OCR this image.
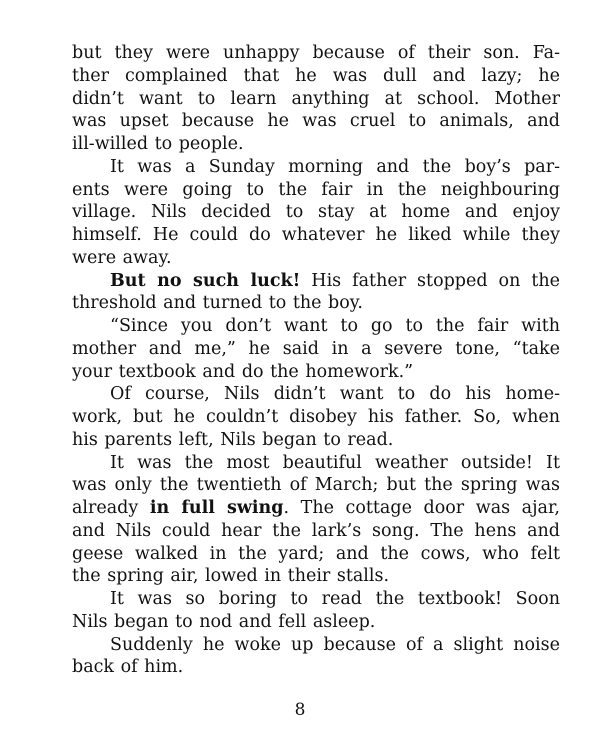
but they were unhappy because of their son. Fa-
ther complained that he was dull and lazy; he
didn’t want to learn anything at school. Mother
was upset because he was cruel to animals, and
ill-willed to people.
It was a Sunday morning and the boy’s par-
ents were going to the fair in the neighbouring
village. Nils decided to stay at home and enjoy
himself. He could do whatever he liked while they
were away.
But no such luck! His father stopped on the
threshold and turned to the boy.
“Since you don’t want to go to the fair with
mother and me,” he said in a severe tone, “take
your textbook and do the homework.”
Of course, Nils didn’t want to do his home-
work, but he couldn’t disobey his father. So, when
his parents left, Nils began to read.
It was the most beautiful weather outside! It
was only the twentieth of March; but the spring was
already in full swing. The cottage door was ajar,
and Nils could hear the lark’s song. The hens and
geese walked in the yard; and the cows, who felt
the spring air, lowed in their stalls.
It was so boring to read the textbook! Soon
Nils began to nod and fell asleep.
Suddenly he woke up because of a slight noise
back of him.
8
